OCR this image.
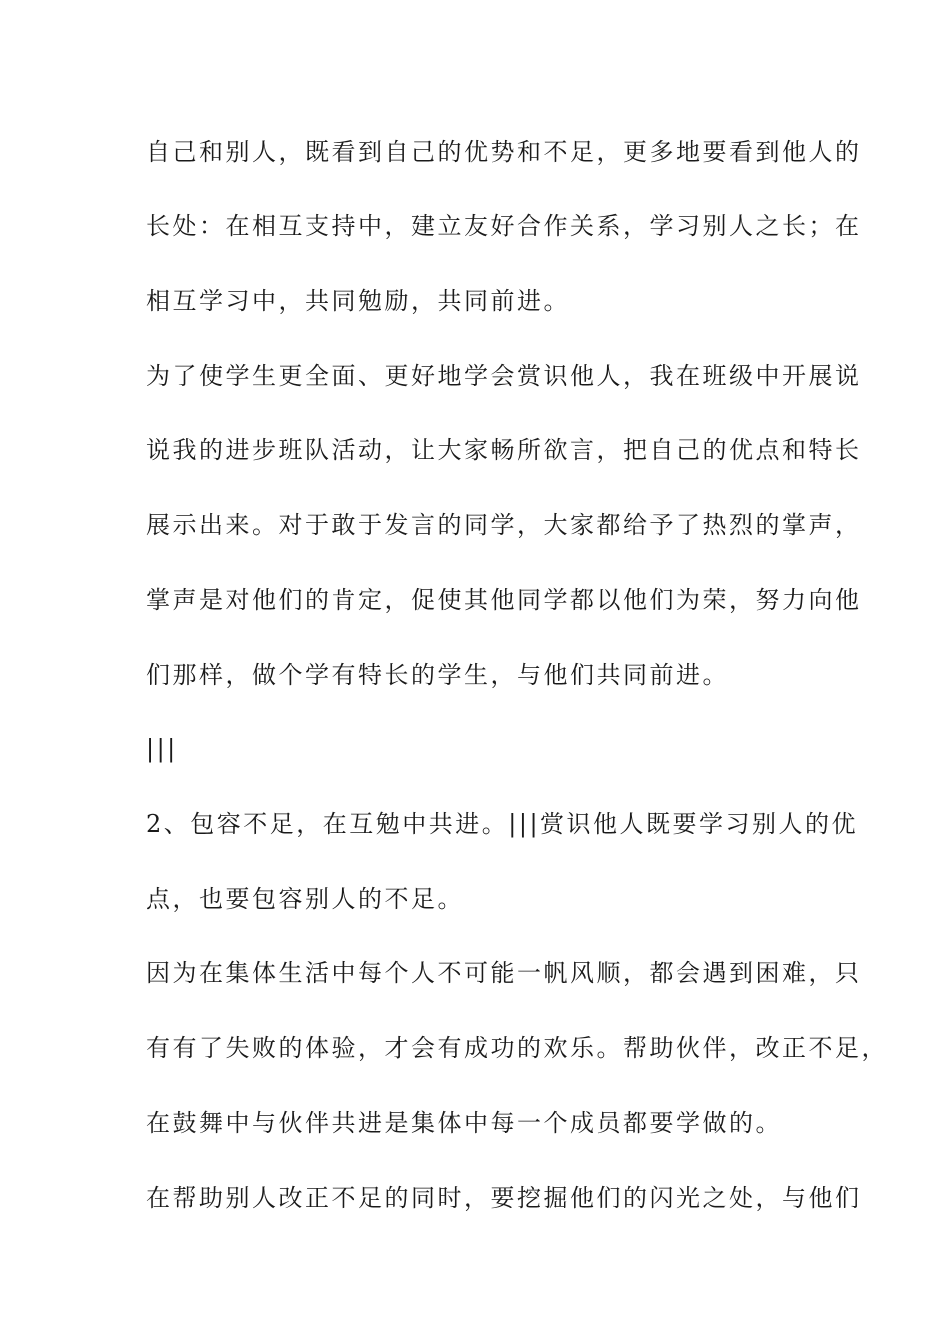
自己和别人，既看到自己的优势和不足，更多地要看到他人的
长处：在相互支持中，建立友好合作关系，学习别人之长；在
相互学习中，共同勉励，共同前进。
为了使学生更全面、更好地学会赏识他人，我在班级中开展说
说我的进步班队活动，让大家畅所欲言，把自己的优点和特长
展示出来。对于敢于发言的同学，大家都给予了热烈的掌声，
掌声是对他们的肯定，促使其他同学都以他们为荣，努力向他
们那样，做个学有特长的学生，与他们共同前进。
|||
2、包容不足，在互勉中共进。|||赏识他人既要学习别人的优
点，也要包容别人的不足。
因为在集体生活中每个人不可能一帆风顺，都会遇到困难，只
有有了失败的体验，才会有成功的欢乐。帮助伙伴，改正不足，
在鼓舞中与伙伴共进是集体中每一个成员都要学做的。
在帮助别人改正不足的同时，要挖掘他们的闪光之处，与他们
